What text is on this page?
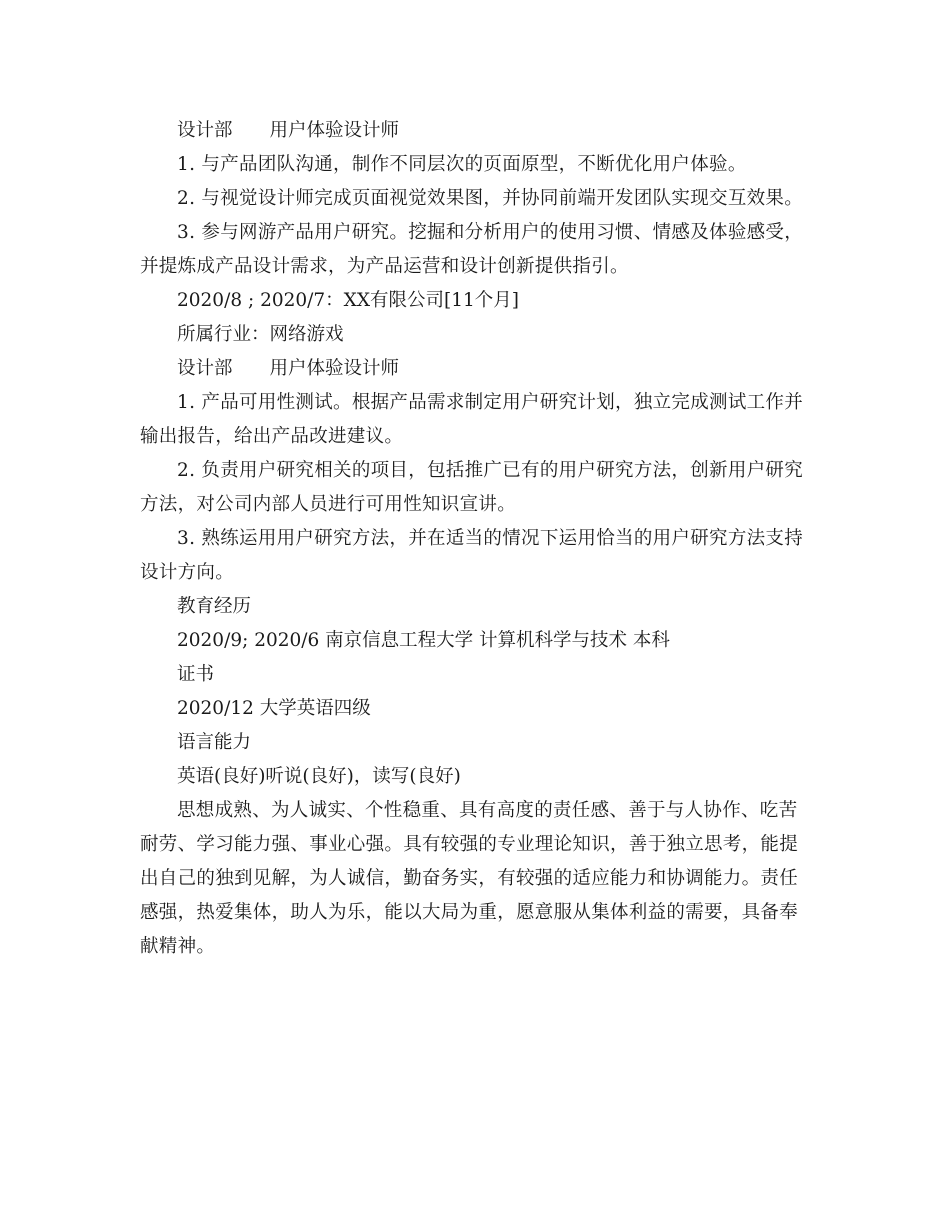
设计部 用户体验设计师

1. 与产品团队沟通，制作不同层次的页面原型，不断优化用户体验。

2. 与视觉设计师完成页面视觉效果图，并协同前端开发团队实现交互效果。

3. 参与网游产品用户研究。挖掘和分析用户的使用习惯、情感及体验感受，并提炼成产品设计需求，为产品运营和设计创新提供指引。

2020/8 ; 2020/7：XX有限公司[11个月]

所属行业：网络游戏

设计部 用户体验设计师

1. 产品可用性测试。根据产品需求制定用户研究计划，独立完成测试工作并输出报告，给出产品改进建议。

2. 负责用户研究相关的项目，包括推广已有的用户研究方法，创新用户研究方法，对公司内部人员进行可用性知识宣讲。

3. 熟练运用用户研究方法，并在适当的情况下运用恰当的用户研究方法支持设计方向。

教育经历

2020/9; 2020/6 南京信息工程大学 计算机科学与技术 本科

证书

2020/12 大学英语四级

语言能力

英语(良好)听说(良好)，读写(良好)

思想成熟、为人诚实、个性稳重、具有高度的责任感、善于与人协作、吃苦耐劳、学习能力强、事业心强。具有较强的专业理论知识，善于独立思考，能提出自己的独到见解，为人诚信，勤奋务实，有较强的适应能力和协调能力。责任感强，热爱集体，助人为乐，能以大局为重，愿意服从集体利益的需要，具备奉献精神。
